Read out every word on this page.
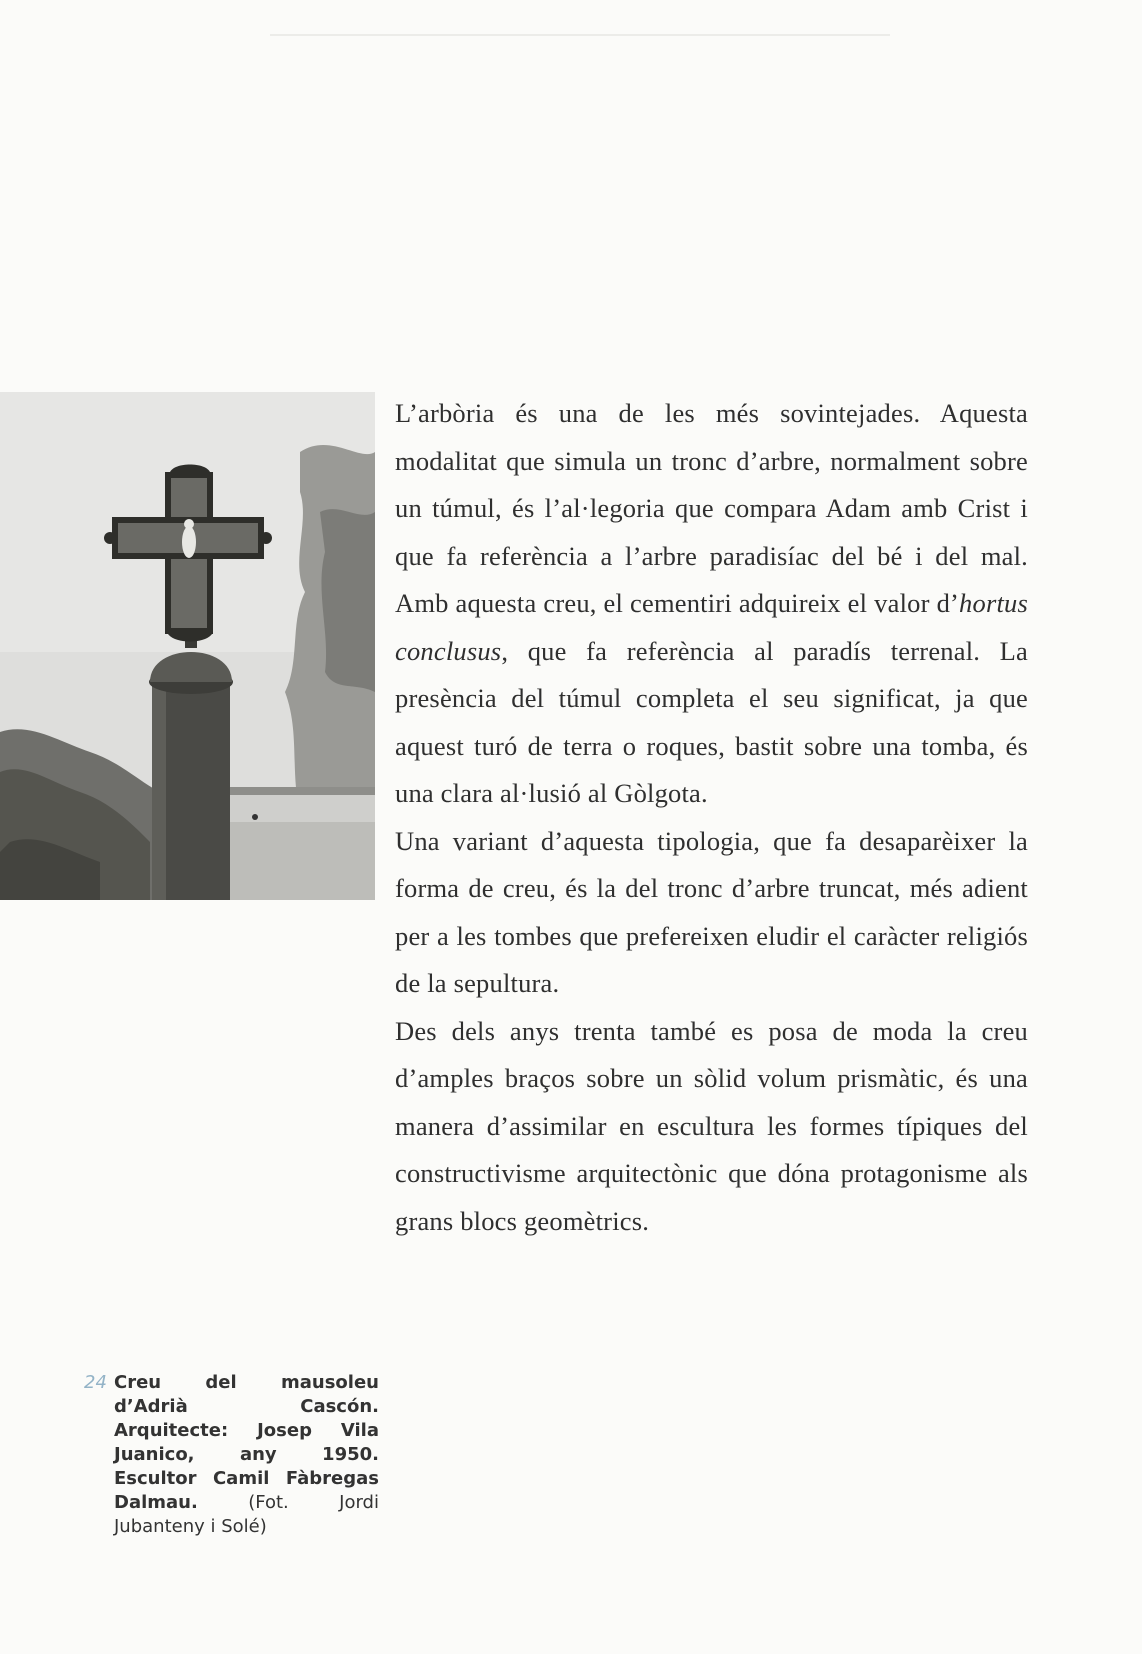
L’arbòria és una de les més sovintejades. Aquesta modalitat que simula un tronc d’arbre, normalment sobre un túmul, és l’al·legoria que compara Adam amb Crist i que fa referència a l’arbre paradisíac del bé i del mal. Amb aquesta creu, el cementiri adquireix el valor d’hortus conclusus, que fa referència al paradís terrenal. La presència del túmul completa el seu significat, ja que aquest turó de terra o roques, bastit sobre una tomba, és una clara al·lusió al Gòlgota.

Una variant d’aquesta tipologia, que fa desaparèixer la forma de creu, és la del tronc d’arbre truncat, més adient per a les tombes que prefereixen eludir el caràcter religiós de la sepultura.

Des dels anys trenta també es posa de moda la creu d’amples braços sobre un sòlid volum prismàtic, és una manera d’assimilar en escultura les formes típiques del constructivisme arquitectònic que dóna protagonisme als grans blocs geomètrics.

24 Creu del mausoleu d’Adrià Cascón. Arquitecte: Josep Vila Juanico, any 1950. Escultor Camil Fàbregas Dalmau.	(Fot. Jordi Jubanteny i Solé)
